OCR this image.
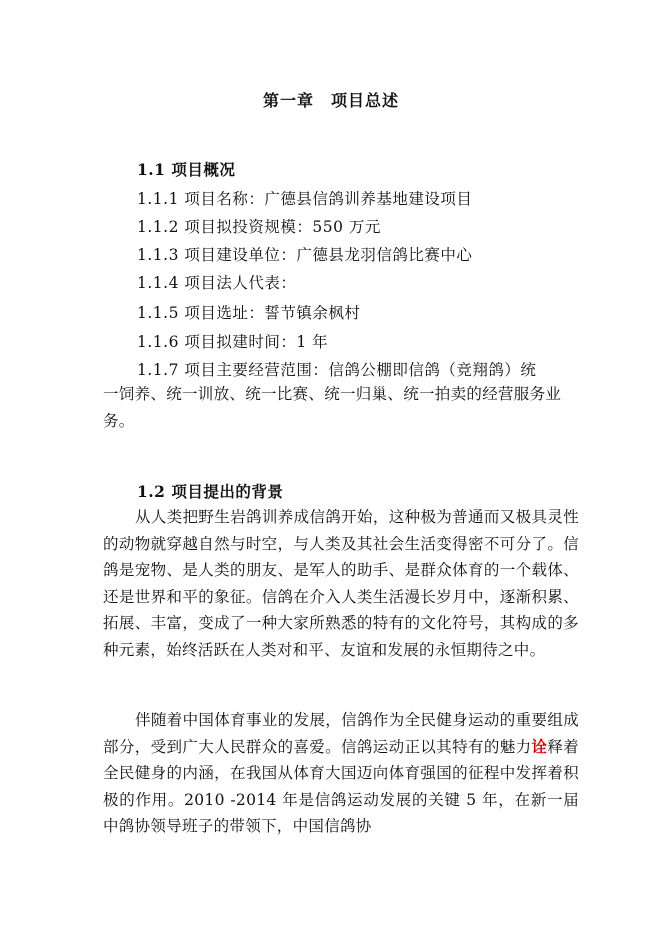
第一章　项目总述
1.1 项目概况
1.1.1 项目名称：广德县信鸽训养基地建设项目
1.1.2 项目拟投资规模：550 万元
1.1.3 项目建设单位：广德县龙羽信鸽比赛中心
1.1.4 项目法人代表：
1.1.5 项目选址：誓节镇余枫村
1.1.6 项目拟建时间：1 年
1.1.7 项目主要经营范围：信鸽公棚即信鸽（竞翔鸽）统
一饲养、统一训放、统一比赛、统一归巢、统一拍卖的经营服务业务。
1.2 项目提出的背景
从人类把野生岩鸽训养成信鸽开始，这种极为普通而又极具灵性的动物就穿越自然与时空，与人类及其社会生活变得密不可分了。信鸽是宠物、是人类的朋友、是军人的助手、是群众体育的一个载体、还是世界和平的象征。信鸽在介入人类生活漫长岁月中，逐渐积累、拓展、丰富，变成了一种大家所熟悉的特有的文化符号，其构成的多种元素，始终活跃在人类对和平、友谊和发展的永恒期待之中。
伴随着中国体育事业的发展，信鸽作为全民健身运动的重要组成部分，受到广大人民群众的喜爱。信鸽运动正以其特有的魅力诠释着全民健身的内涵，在我国从体育大国迈向体育强国的征程中发挥着积极的作用。2010 -2014 年是信鸽运动发展的关键 5 年，在新一届中鸽协领导班子的带领下，中国信鸽协
